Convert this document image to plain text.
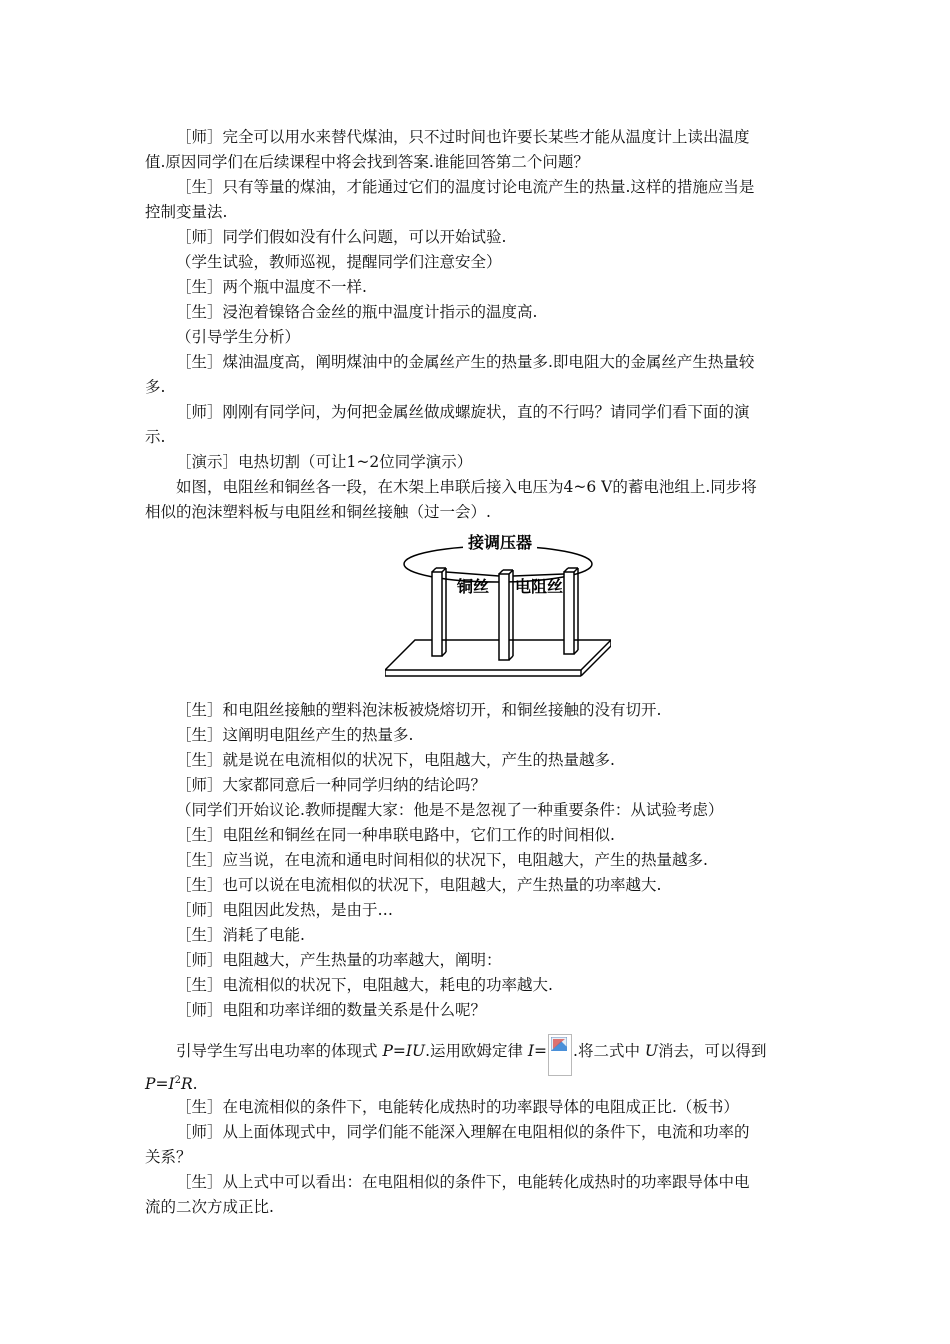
［师］完全可以用水来替代煤油，只不过时间也许要长某些才能从温度计上读出温度
值.原因同学们在后续课程中将会找到答案.谁能回答第二个问题？
［生］只有等量的煤油，才能通过它们的温度讨论电流产生的热量.这样的措施应当是
控制变量法.
［师］同学们假如没有什么问题，可以开始试验.
（学生试验，教师巡视，提醒同学们注意安全）
［生］两个瓶中温度不一样.
［生］浸泡着镍铬合金丝的瓶中温度计指示的温度高.
（引导学生分析）
［生］煤油温度高，阐明煤油中的金属丝产生的热量多.即电阻大的金属丝产生热量较
多.
［师］刚刚有同学问，为何把金属丝做成螺旋状，直的不行吗？请同学们看下面的演
示.
［演示］电热切割（可让1~2位同学演示）
如图，电阻丝和铜丝各一段，在木架上串联后接入电压为4~6 V的蓄电池组上.同步将
相似的泡沫塑料板与电阻丝和铜丝接触（过一会）.
接调压器
铜丝 电阻丝
［生］和电阻丝接触的塑料泡沫板被烧熔切开，和铜丝接触的没有切开.
［生］这阐明电阻丝产生的热量多.
［生］就是说在电流相似的状况下，电阻越大，产生的热量越多.
［师］大家都同意后一种同学归纳的结论吗？
（同学们开始议论.教师提醒大家：他是不是忽视了一种重要条件：从试验考虑）
［生］电阻丝和铜丝在同一种串联电路中，它们工作的时间相似.
［生］应当说，在电流和通电时间相似的状况下，电阻越大，产生的热量越多.
［生］也可以说在电流相似的状况下，电阻越大，产生热量的功率越大.
［师］电阻因此发热，是由于…
［生］消耗了电能.
［师］电阻越大，产生热量的功率越大，阐明：
［生］电流相似的状况下，电阻越大，耗电的功率越大.
［师］电阻和功率详细的数量关系是什么呢？
引导学生写出电功率的体现式 P=IU.运用欧姆定律 I= .将二式中 U消去，可以得到
$P=I^2R$.
［生］在电流相似的条件下，电能转化成热时的功率跟导体的电阻成正比.（板书）
［师］从上面体现式中，同学们能不能深入理解在电阻相似的条件下，电流和功率的
关系？
［生］从上式中可以看出：在电阻相似的条件下，电能转化成热时的功率跟导体中电
流的二次方成正比.
